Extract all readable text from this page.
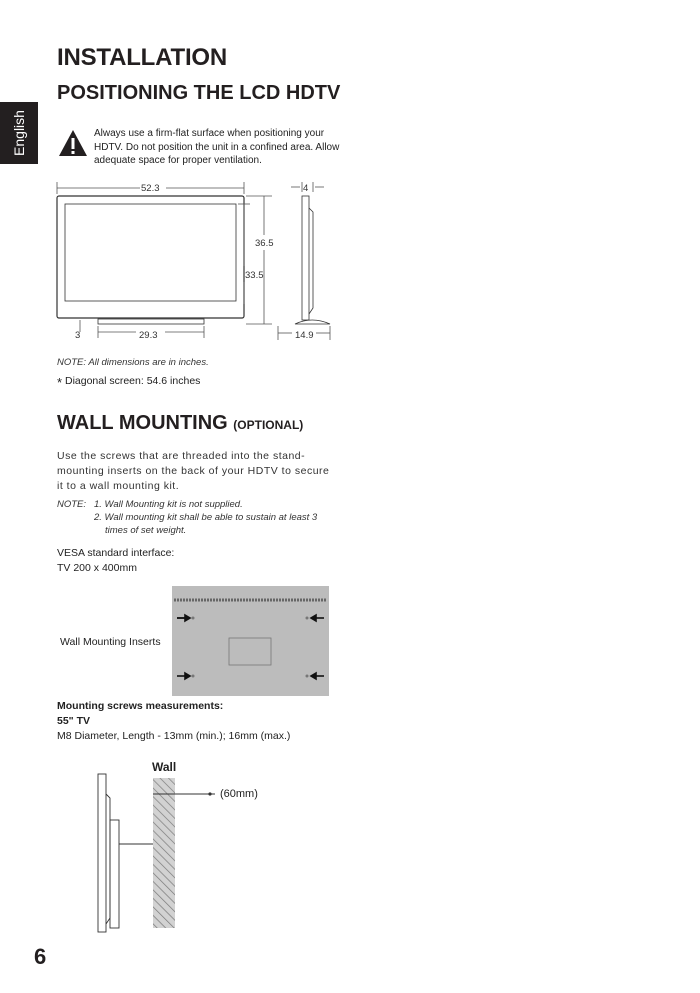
English
INSTALLATION
POSITIONING THE LCD HDTV
Always use a firm-flat surface when positioning your HDTV. Do not position the unit in a confined area. Allow adequate space for proper ventilation.
52.3	4
36.5
33.5
3	29.3	14.9
NOTE: All dimensions are in inches.
* Diagonal screen: 54.6 inches
WALL MOUNTING (OPTIONAL)
Use the screws that are threaded into the stand-mounting inserts on the back of your HDTV to secure it to a wall mounting kit.
NOTE: 1. Wall Mounting kit is not supplied.
2. Wall mounting kit shall be able to sustain at least 3
times of set weight.
VESA standard interface:
TV 200 x 400mm
Wall Mounting Inserts
Mounting screws measurements:
55" TV
M8 Diameter, Length - 13mm (min.); 16mm (max.)
Wall
(60mm)
6
